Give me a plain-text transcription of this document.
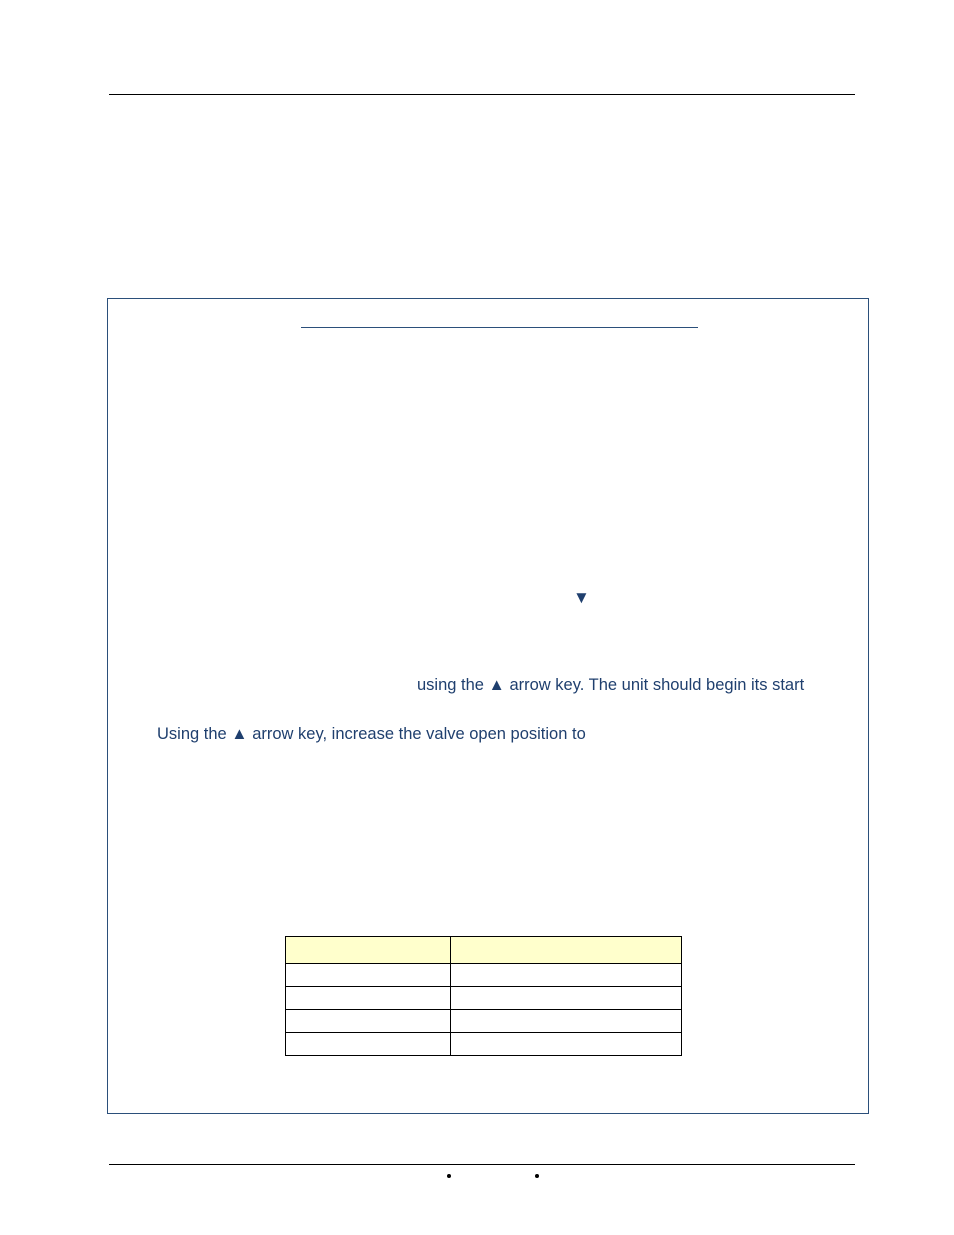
▼
using the ▲ arrow key. The unit should begin its start
Using the ▲ arrow key, increase the valve open position to
